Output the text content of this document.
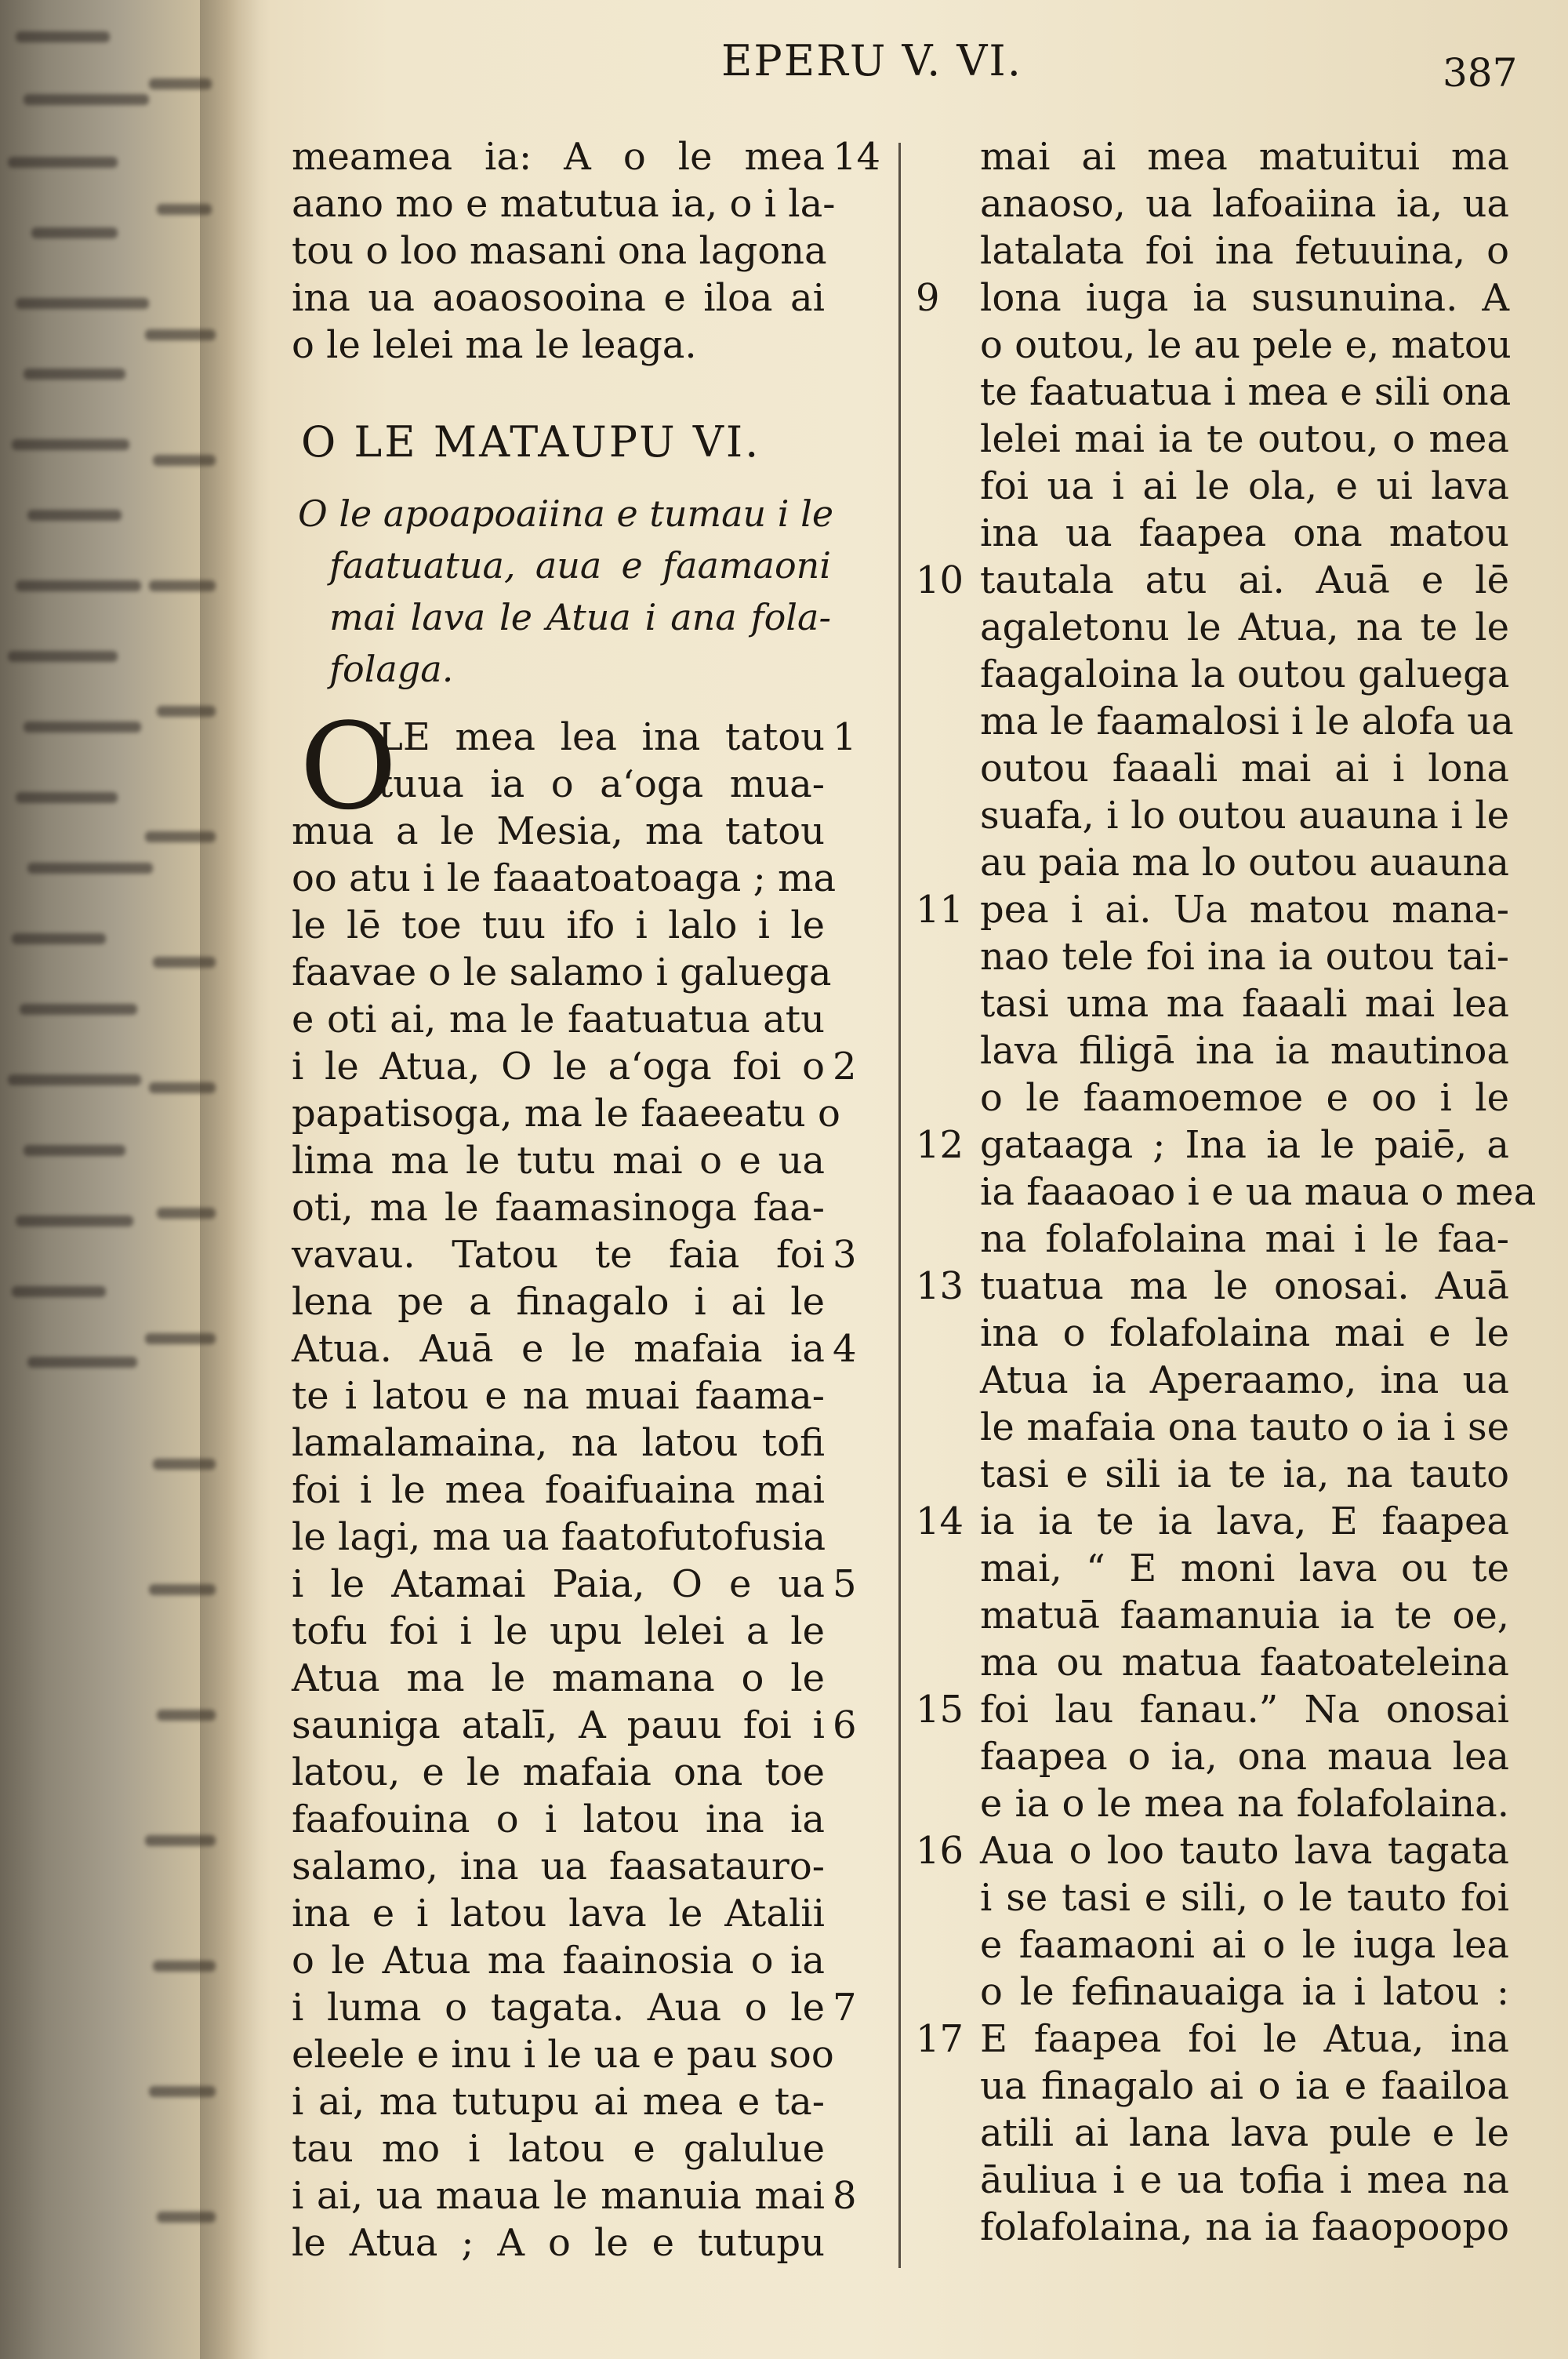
EPERU V. VI.	387
meamea ia: A o le mea
aano mo e matutua ia, o i la-
tou o loo masani ona lagona
ina ua aoaosooina e iloa ai
o le lelei ma le leaga.
14
O LE MATAUPU VI.
O le apoapoaiina e tumau i le
faatuatua, aua e faamaoni
mai lava le Atua i ana fola-
folaga.
O
LE mea lea ina tatou
tuua ia o aʻoga mua-
mua a le Mesia, ma tatou
oo atu i le faaatoatoaga ; ma
le lē toe tuu ifo i lalo i le
faavae o le salamo i galuega
e oti ai, ma le faatuatua atu
i le Atua, O le aʻoga foi o
papatisoga, ma le faaeeatu o
lima ma le tutu mai o e ua
oti, ma le faamasinoga faa-
vavau. Tatou te faia foi
lena pe a finagalo i ai le
Atua. Auā e le mafaia ia
te i latou e na muai faama-
lamalamaina, na latou tofi
foi i le mea foaifuaina mai
le lagi, ma ua faatofutofusia
i le Atamai Paia, O e ua
tofu foi i le upu lelei a le
Atua ma le mamana o le
sauniga atalī, A pauu foi i
latou, e le mafaia ona toe
faafouina o i latou ina ia
salamo, ina ua faasatauro-
ina e i latou lava le Atalii
o le Atua ma faainosia o ia
i luma o tagata. Aua o le
eleele e inu i le ua e pau soo
i ai, ma tutupu ai mea e ta-
tau mo i latou e galulue
i ai, ua maua le manuia mai
le Atua ; A o le e tutupu
1
2
3
4
5
6
7
8
mai ai mea matuitui ma
anaoso, ua lafoaiina ia, ua
latalata foi ina fetuuina, o
lona iuga ia susunuina. A
o outou, le au pele e, matou
te faatuatua i mea e sili ona
lelei mai ia te outou, o mea
foi ua i ai le ola, e ui lava
ina ua faapea ona matou
tautala atu ai. Auā e lē
agaletonu le Atua, na te le
faagaloina la outou galuega
ma le faamalosi i le alofa ua
outou faaali mai ai i lona
suafa, i lo outou auauna i le
au paia ma lo outou auauna
pea i ai. Ua matou mana-
nao tele foi ina ia outou tai-
tasi uma ma faaali mai lea
lava filigā ina ia mautinoa
o le faamoemoe e oo i le
gataaga ; Ina ia le paiē, a
ia faaaoao i e ua maua o mea
na folafolaina mai i le faa-
tuatua ma le onosai. Auā
ina o folafolaina mai e le
Atua ia Aperaamo, ina ua
le mafaia ona tauto o ia i se
tasi e sili ia te ia, na tauto
ia ia te ia lava, E faapea
mai, “ E moni lava ou te
matuā faamanuia ia te oe,
ma ou matua faatoateleina
foi lau fanau.” Na onosai
faapea o ia, ona maua lea
e ia o le mea na folafolaina.
Aua o loo tauto lava tagata
i se tasi e sili, o le tauto foi
e faamaoni ai o le iuga lea
o le fefinauaiga ia i latou :
E faapea foi le Atua, ina
ua finagalo ai o ia e faailoa
atili ai lana lava pule e le
āuliua i e ua tofia i mea na
folafolaina, na ia faaopoopo
9
10
11
12
13
14
15
16
17
